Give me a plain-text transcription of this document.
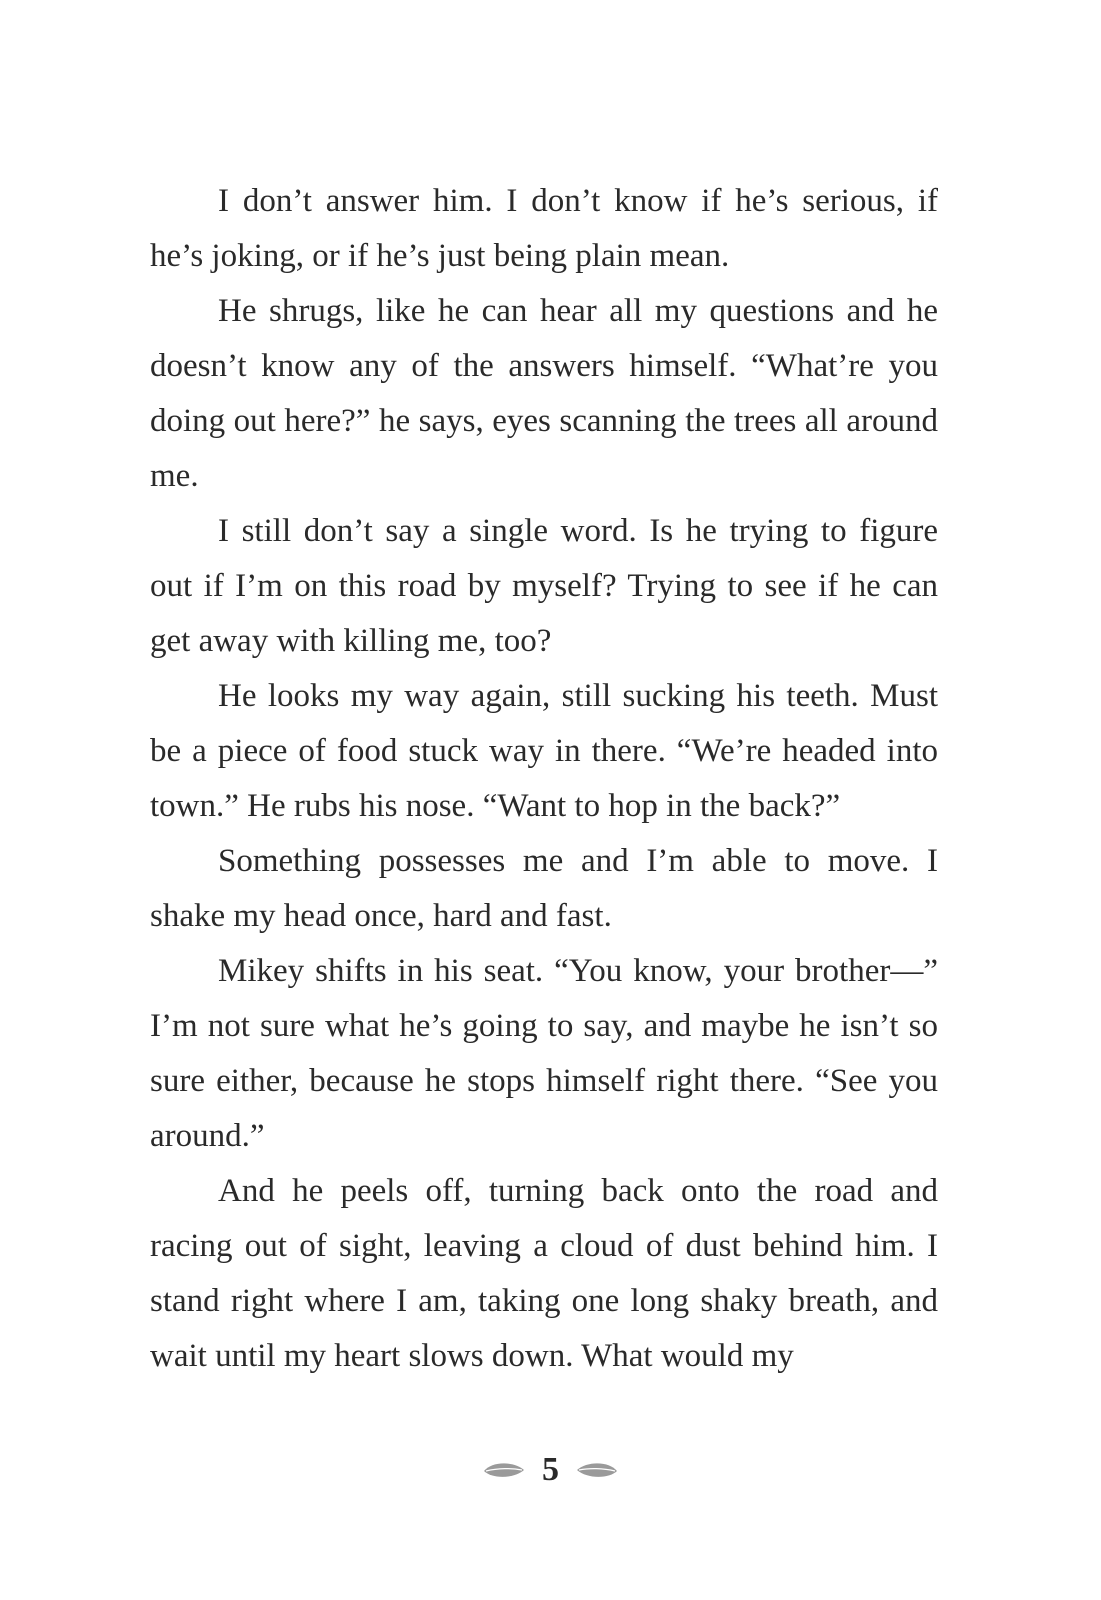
I don’t answer him. I don’t know if he’s serious, if he’s joking, or if he’s just being plain mean.

He shrugs, like he can hear all my questions and he doesn’t know any of the answers himself. “What’re you doing out here?” he says, eyes scanning the trees all around me.

I still don’t say a single word. Is he trying to figure out if I’m on this road by myself? Trying to see if he can get away with killing me, too?

He looks my way again, still sucking his teeth. Must be a piece of food stuck way in there. “We’re headed into town.” He rubs his nose. “Want to hop in the back?”

Something possesses me and I’m able to move. I shake my head once, hard and fast.

Mikey shifts in his seat. “You know, your brother—” I’m not sure what he’s going to say, and maybe he isn’t so sure either, because he stops himself right there. “See you around.”

And he peels off, turning back onto the road and racing out of sight, leaving a cloud of dust behind him. I stand right where I am, taking one long shaky breath, and wait until my heart slows down. What would my

5
